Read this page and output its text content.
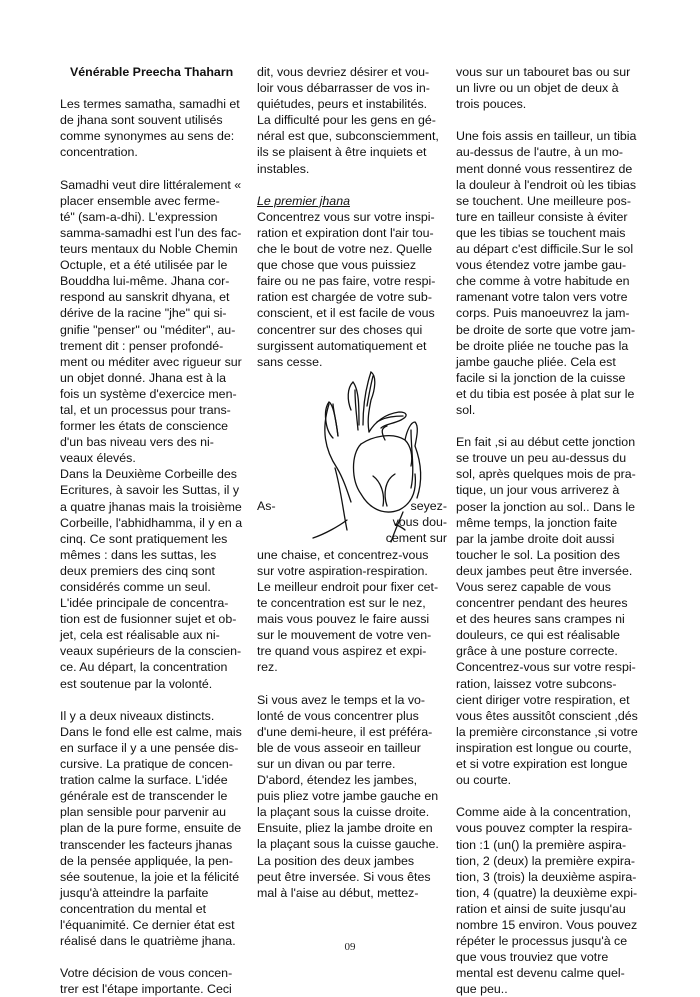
Vénérable Preecha Thaharn
Les termes samatha, samadhi et
de jhana sont souvent utilisés
comme synonymes au sens de:
concentration.
Samadhi veut dire littéralement «
placer ensemble avec ferme-
té" (sam-a-dhi). L'expression
samma-samadhi est l'un des fac-
teurs mentaux du Noble Chemin
Octuple, et a été utilisée par le
Bouddha lui-même. Jhana cor-
respond au sanskrit dhyana, et
dérive de la racine "jhe" qui si-
gnifie "penser" ou "méditer", au-
trement dit : penser profondé-
ment ou méditer avec rigueur sur
un objet donné. Jhana est à la
fois un système d'exercice men-
tal, et un processus pour trans-
former les états de conscience
d'un bas niveau vers des ni-
veaux élevés.
Dans la Deuxième Corbeille des
Ecritures, à savoir les Suttas, il y
a quatre jhanas mais la troisième
Corbeille, l'abhidhamma, il y en a
cinq. Ce sont pratiquement les
mêmes : dans les suttas, les
deux premiers des cinq sont
considérés comme un seul.
L'idée principale de concentra-
tion est de fusionner sujet et ob-
jet, cela est réalisable aux ni-
veaux supérieurs de la conscien-
ce. Au départ, la concentration
est soutenue par la volonté.
Il y a deux niveaux distincts.
Dans le fond elle est calme, mais
en surface il y a une pensée dis-
cursive. La pratique de concen-
tration calme la surface. L'idée
générale est de transcender le
plan sensible pour parvenir au
plan de la pure forme, ensuite de
transcender les facteurs jhanas
de la pensée appliquée, la pen-
sée soutenue, la joie et la félicité
jusqu'à atteindre la parfaite
concentration du mental et
l'équanimité. Ce dernier état est
réalisé dans le quatrième jhana.
Votre décision de vous concen-
trer est l'étape importante. Ceci
dit, vous devriez désirer et vou-
loir vous débarrasser de vos in-
quiétudes, peurs et instabilités.
La difficulté pour les gens en gé-
néral est que, subconsciemment,
ils se plaisent à être inquiets et
instables.
Le premier jhana
Concentrez vous sur votre inspi-
ration et expiration dont l'air tou-
che le bout de votre nez. Quelle
que chose que vous puissiez
faire ou ne pas faire, votre respi-
ration est chargée de votre sub-
conscient, et il est facile de vous
concentrer sur des choses qui
surgissent automatiquement et
sans cesse.
As-	seyez-
vous dou-
cement sur
une chaise, et concentrez-vous
sur votre aspiration-respiration.
Le meilleur endroit pour fixer cet-
te concentration est sur le nez,
mais vous pouvez le faire aussi
sur le mouvement de votre ven-
tre quand vous aspirez et expi-
rez.
Si vous avez le temps et la vo-
lonté de vous concentrer plus
d'une demi-heure, il est préféra-
ble de vous asseoir en tailleur
sur un divan ou par terre.
D'abord, étendez les jambes,
puis pliez votre jambe gauche en
la plaçant sous la cuisse droite.
Ensuite, pliez la jambe droite en
la plaçant sous la cuisse gauche.
La position des deux jambes
peut être inversée. Si vous êtes
mal à l'aise au début, mettez-
vous sur un tabouret bas ou sur
un livre ou un objet de deux à
trois pouces.
Une fois assis en tailleur, un tibia
au-dessus de l'autre, à un mo-
ment donné vous ressentirez de
la douleur à l'endroit où les tibias
se touchent. Une meilleure pos-
ture en tailleur consiste à éviter
que les tibias se touchent mais
au départ c'est difficile.Sur le sol
vous étendez votre jambe gau-
che comme à votre habitude en
ramenant votre talon vers votre
corps. Puis manoeuvrez la jam-
be droite de sorte que votre jam-
be droite pliée ne touche pas la
jambe gauche pliée. Cela est
facile si la jonction de la cuisse
et du tibia est posée à plat sur le
sol.
En fait ,si au début cette jonction
se trouve un peu au-dessus du
sol, après quelques mois de pra-
tique, un jour vous arriverez à
poser la jonction au sol.. Dans le
même temps, la jonction faite
par la jambe droite doit aussi
toucher le sol. La position des
deux jambes peut être inversée.
Vous serez capable de vous
concentrer pendant des heures
et des heures sans crampes ni
douleurs, ce qui est réalisable
grâce à une posture correcte.
Concentrez-vous sur votre respi-
ration, laissez votre subcons-
cient diriger votre respiration, et
vous êtes aussitôt conscient ,dés
la première circonstance ,si votre
inspiration est longue ou courte,
et si votre expiration est longue
ou courte.
Comme aide à la concentration,
vous pouvez compter la respira-
tion :1 (un() la première aspira-
tion, 2 (deux) la première expira-
tion, 3 (trois) la deuxième aspira-
tion, 4 (quatre) la deuxième expi-
ration et ainsi de suite jusqu'au
nombre 15 environ. Vous pouvez
répéter le processus jusqu'à ce
que vous trouviez que votre
mental est devenu calme quel-
que peu..
09
